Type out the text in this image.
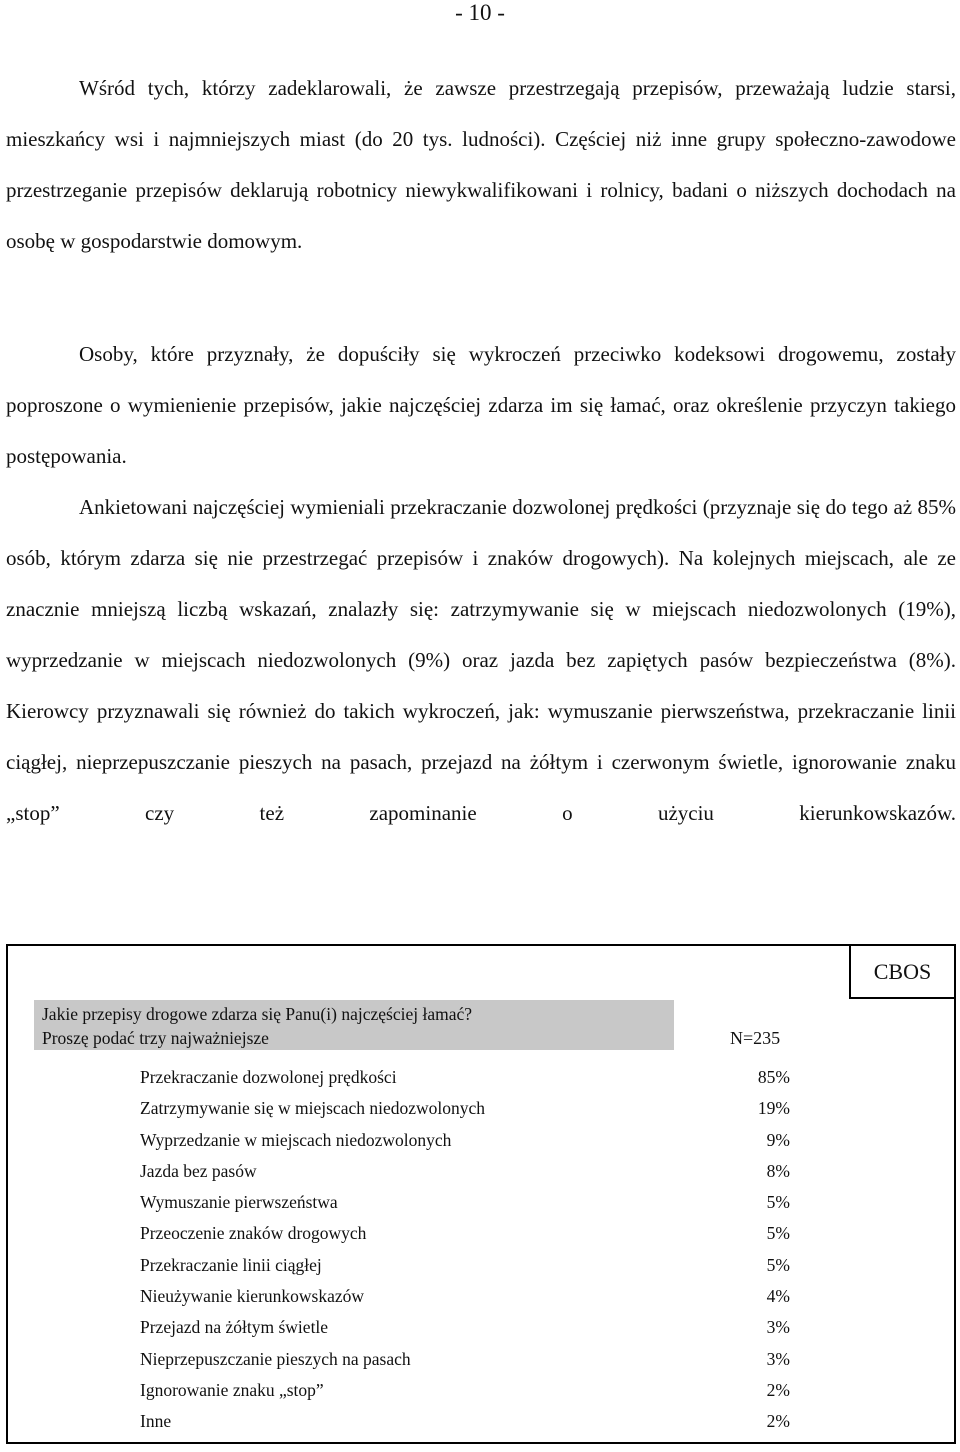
- 10 -

Wśród tych, którzy zadeklarowali, że zawsze przestrzegają przepisów, przeważają ludzie starsi, mieszkańcy wsi i najmniejszych miast (do 20 tys. ludności). Częściej niż inne grupy społeczno-zawodowe przestrzeganie przepisów deklarują robotnicy niewykwalifikowani i rolnicy, badani o niższych dochodach na osobę w gospodarstwie domowym.

Osoby, które przyznały, że dopuściły się wykroczeń przeciwko kodeksowi drogowemu, zostały poproszone o wymienienie przepisów, jakie najczęściej zdarza im się łamać, oraz określenie przyczyn takiego postępowania.

Ankietowani najczęściej wymieniali przekraczanie dozwolonej prędkości (przyznaje się do tego aż 85% osób, którym zdarza się nie przestrzegać przepisów i znaków drogowych). Na kolejnych miejscach, ale ze znacznie mniejszą liczbą wskazań, znalazły się: zatrzymywanie się w miejscach niedozwolonych (19%), wyprzedzanie w miejscach niedozwolonych (9%) oraz jazda bez zapiętych pasów bezpieczeństwa (8%). Kierowcy przyznawali się również do takich wykroczeń, jak: wymuszanie pierwszeństwa, przekraczanie linii ciągłej, nieprzepuszczanie pieszych na pasach, przejazd na żółtym i czerwonym świetle, ignorowanie znaku „stop” czy też zapominanie o użyciu kierunkowskazów.

CBOS
Jakie przepisy drogowe zdarza się Panu(i) najczęściej łamać?
Proszę podać trzy najważniejsze	N=235
Przekraczanie dozwolonej prędkości	85%
Zatrzymywanie się w miejscach niedozwolonych	19%
Wyprzedzanie w miejscach niedozwolonych	9%
Jazda bez pasów	8%
Wymuszanie pierwszeństwa	5%
Przeoczenie znaków drogowych	5%
Przekraczanie linii ciągłej	5%
Nieużywanie kierunkowskazów	4%
Przejazd na żółtym świetle	3%
Nieprzepuszczanie pieszych na pasach	3%
Ignorowanie znaku „stop”	2%
Inne	2%
